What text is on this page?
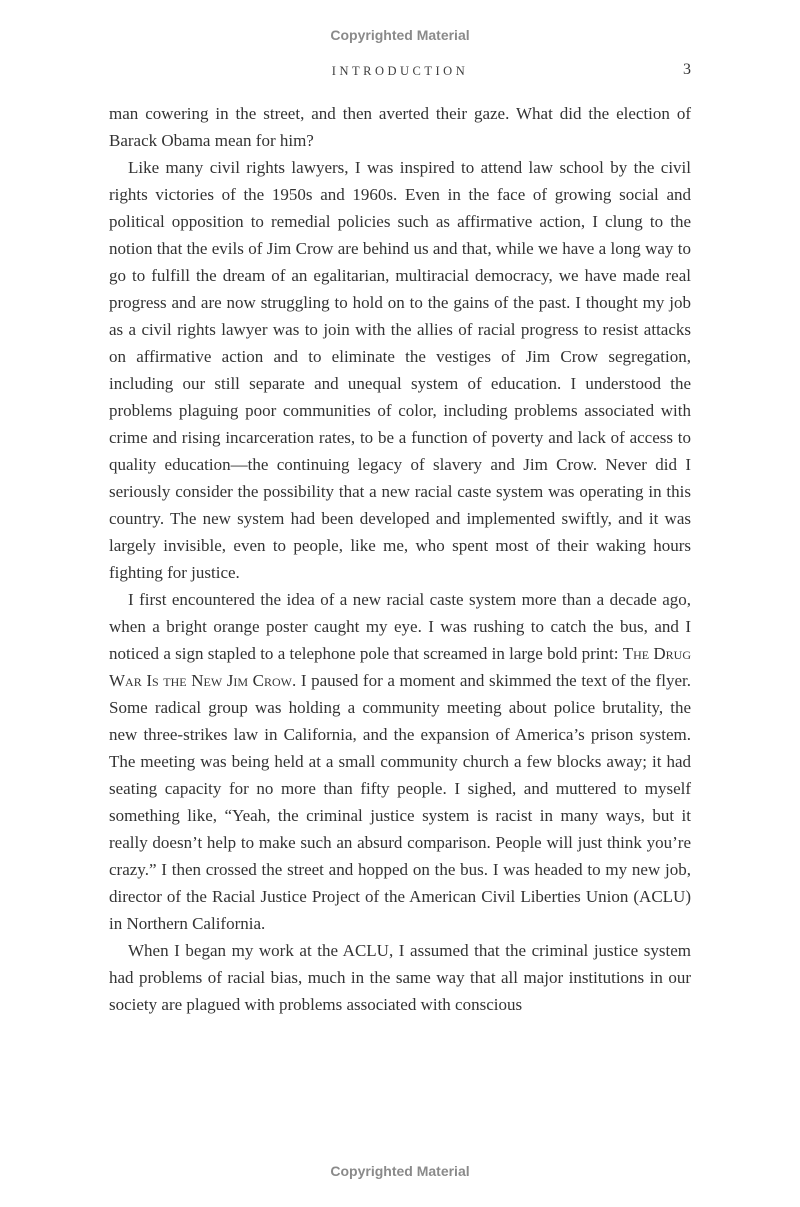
Copyrighted Material
INTRODUCTION	3

man cowering in the street, and then averted their gaze. What did the election of Barack Obama mean for him?

Like many civil rights lawyers, I was inspired to attend law school by the civil rights victories of the 1950s and 1960s. Even in the face of growing social and political opposition to remedial policies such as affirmative action, I clung to the notion that the evils of Jim Crow are behind us and that, while we have a long way to go to fulfill the dream of an egalitarian, multiracial democracy, we have made real progress and are now struggling to hold on to the gains of the past. I thought my job as a civil rights lawyer was to join with the allies of racial progress to resist attacks on affirmative action and to eliminate the vestiges of Jim Crow segregation, including our still separate and unequal system of education. I understood the problems plaguing poor communities of color, including problems associated with crime and rising incarceration rates, to be a function of poverty and lack of access to quality education—the continuing legacy of slavery and Jim Crow. Never did I seriously consider the possibility that a new racial caste system was operating in this country. The new system had been developed and implemented swiftly, and it was largely invisible, even to people, like me, who spent most of their waking hours fighting for justice.

I first encountered the idea of a new racial caste system more than a decade ago, when a bright orange poster caught my eye. I was rushing to catch the bus, and I noticed a sign stapled to a telephone pole that screamed in large bold print: The Drug War Is the New Jim Crow. I paused for a moment and skimmed the text of the flyer. Some radical group was holding a community meeting about police brutality, the new three-strikes law in California, and the expansion of America’s prison system. The meeting was being held at a small community church a few blocks away; it had seating capacity for no more than fifty people. I sighed, and muttered to myself something like, “Yeah, the criminal justice system is racist in many ways, but it really doesn’t help to make such an absurd comparison. People will just think you’re crazy.” I then crossed the street and hopped on the bus. I was headed to my new job, director of the Racial Justice Project of the American Civil Liberties Union (ACLU) in Northern California.

When I began my work at the ACLU, I assumed that the criminal justice system had problems of racial bias, much in the same way that all major institutions in our society are plagued with problems associated with conscious

Copyrighted Material
